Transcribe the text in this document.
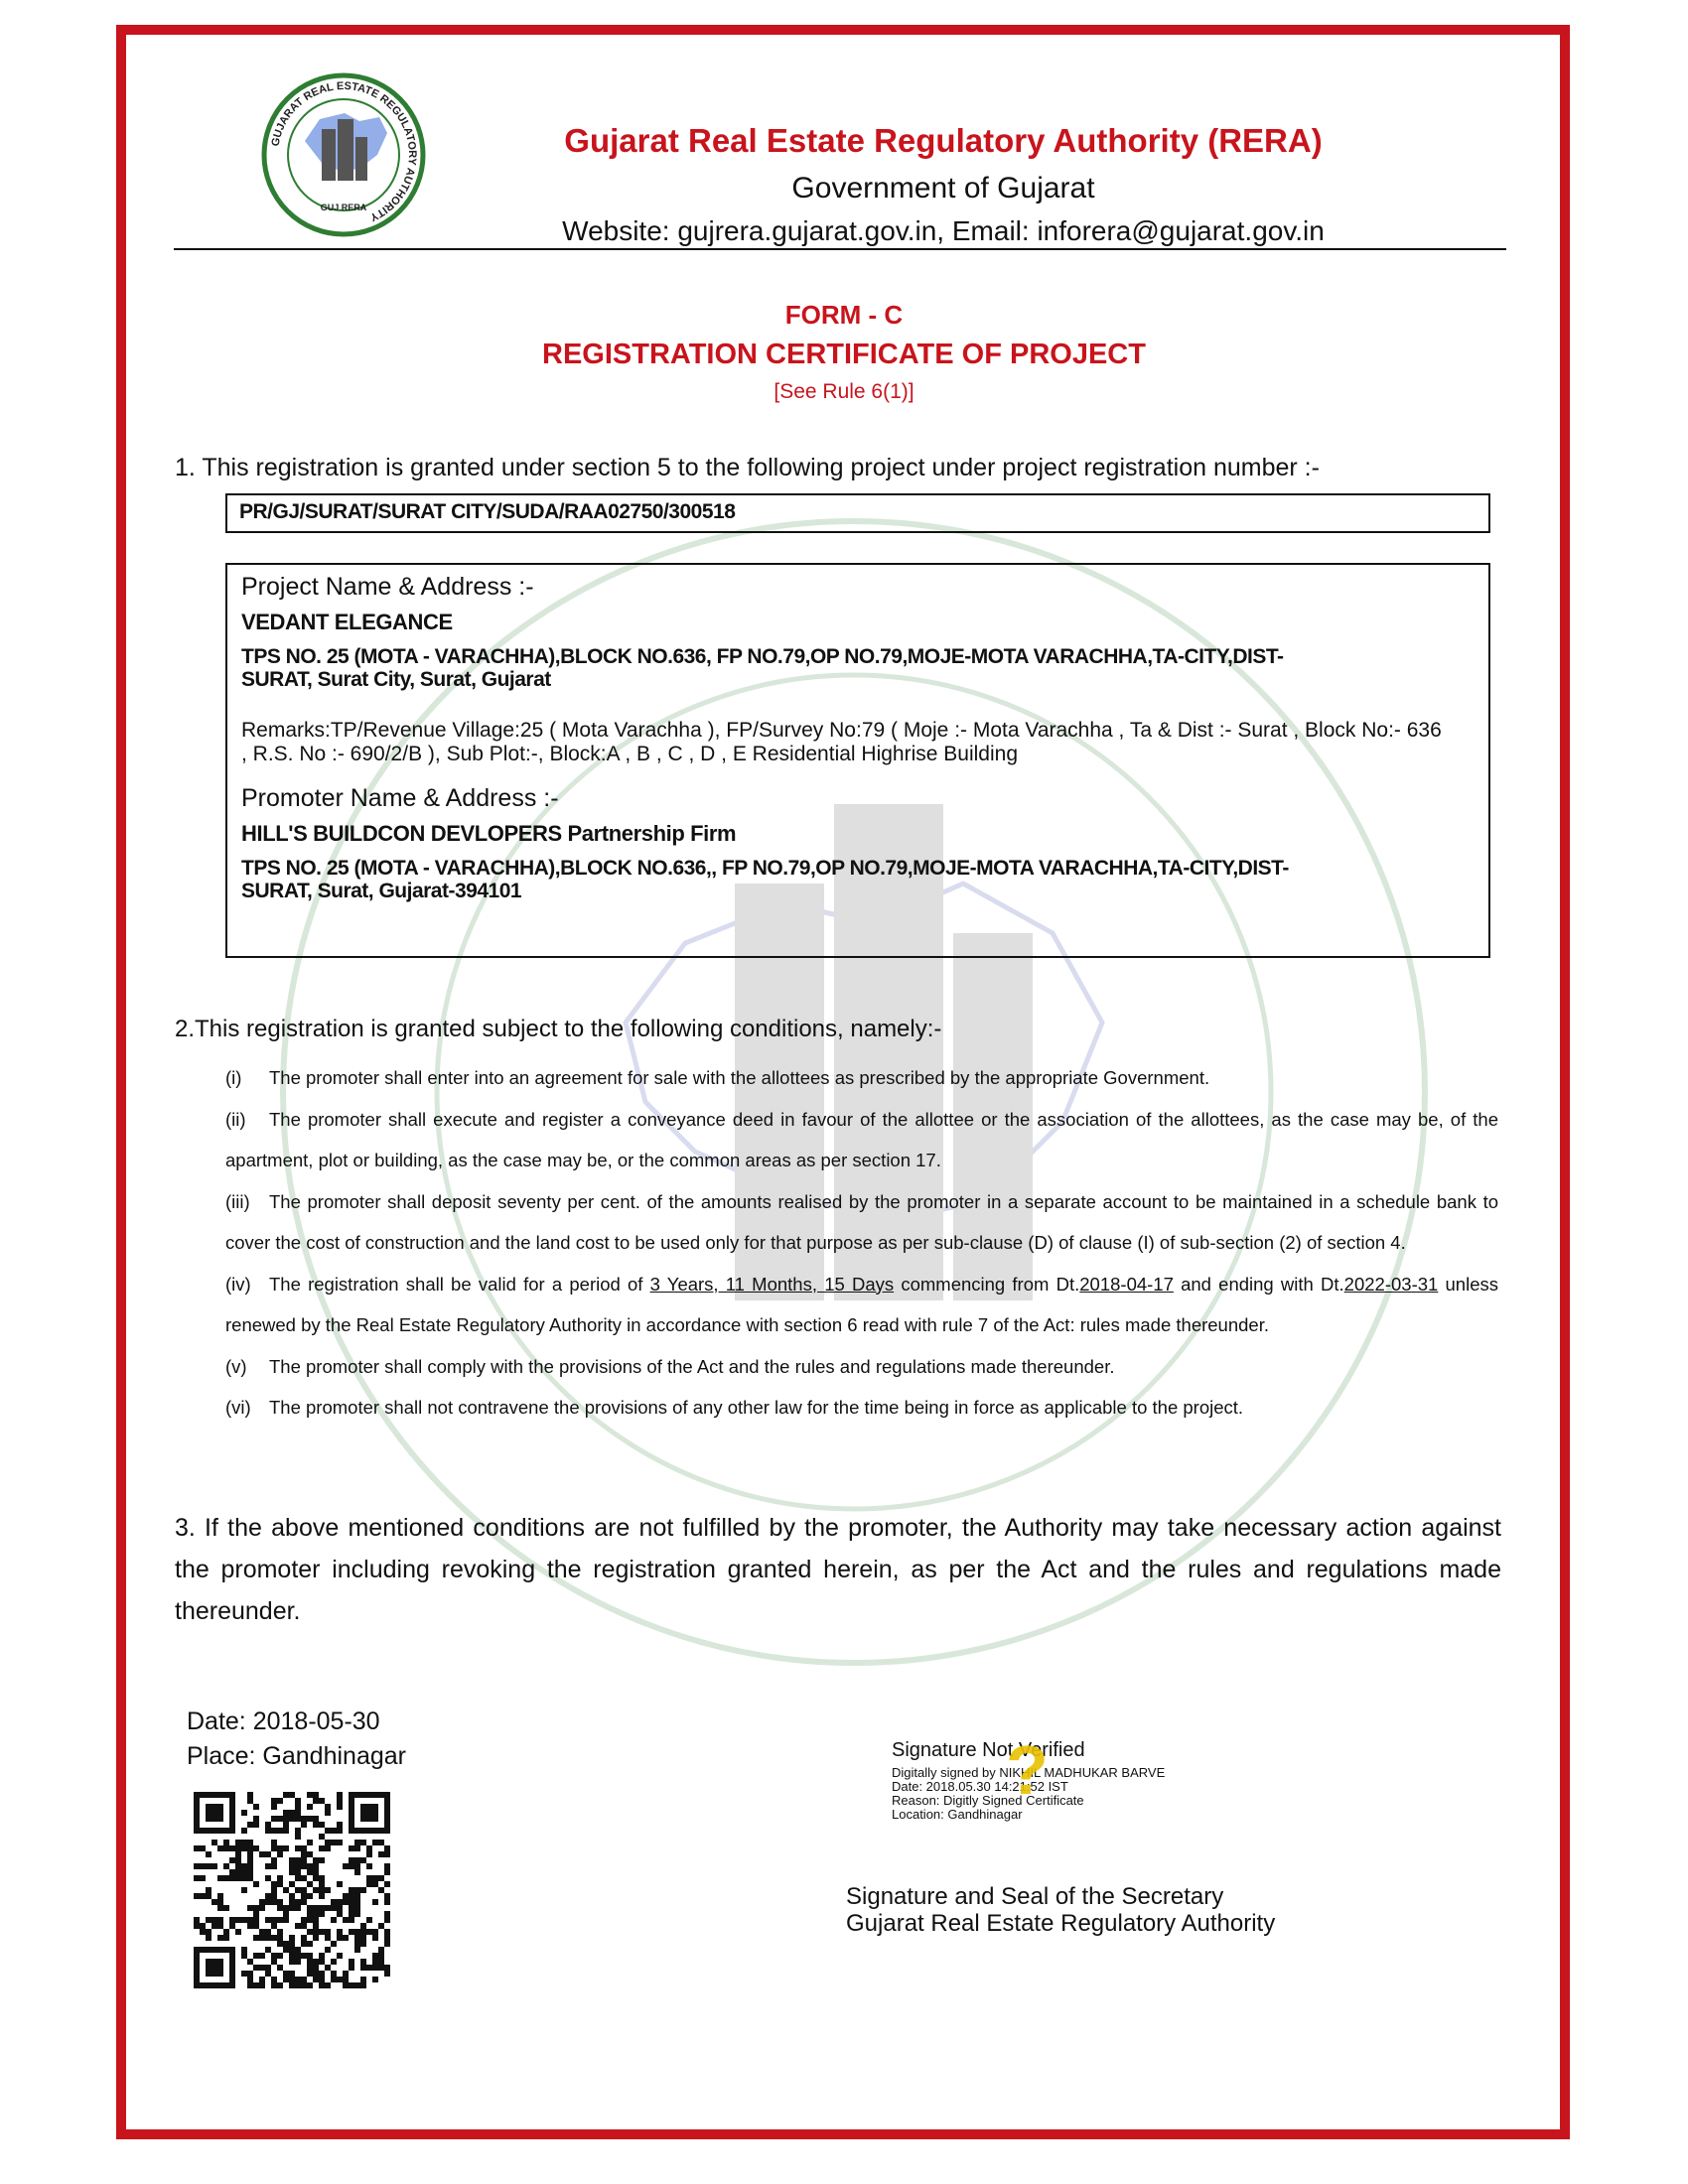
GUJARAT REAL ESTATE REGULATORY AUTHORITY
GUJ RERA
Gujarat Real Estate Regulatory Authority (RERA)
Government of Gujarat
Website: gujrera.gujarat.gov.in, Email: inforera@gujarat.gov.in
FORM - C
REGISTRATION CERTIFICATE OF PROJECT
[See Rule 6(1)]
1. This registration is granted under section 5 to the following project under project registration number :-
PR/GJ/SURAT/SURAT CITY/SUDA/RAA02750/300518
Project Name & Address :-
VEDANT ELEGANCE
TPS NO. 25 (MOTA - VARACHHA),BLOCK NO.636, FP NO.79,OP NO.79,MOJE-MOTA VARACHHA,TA-CITY,DIST-SURAT, Surat City, Surat, Gujarat
Remarks:TP/Revenue Village:25 ( Mota Varachha ), FP/Survey No:79 ( Moje :- Mota Varachha , Ta & Dist :- Surat , Block No:- 636 , R.S. No :- 690/2/B ), Sub Plot:-, Block:A , B , C , D , E Residential Highrise Building
Promoter Name & Address :-
HILL'S BUILDCON DEVLOPERS Partnership Firm
TPS NO. 25 (MOTA - VARACHHA),BLOCK NO.636,, FP NO.79,OP NO.79,MOJE-MOTA VARACHHA,TA-CITY,DIST-SURAT, Surat, Gujarat-394101
2.This registration is granted subject to the following conditions, namely:-
(i) The promoter shall enter into an agreement for sale with the allottees as prescribed by the appropriate Government.
(ii) The promoter shall execute and register a conveyance deed in favour of the allottee or the association of the allottees, as the case may be, of the apartment, plot or building, as the case may be, or the common areas as per section 17.
(iii) The promoter shall deposit seventy per cent. of the amounts realised by the promoter in a separate account to be maintained in a schedule bank to cover the cost of construction and the land cost to be used only for that purpose as per sub-clause (D) of clause (I) of sub-section (2) of section 4.
(iv) The registration shall be valid for a period of 3 Years, 11 Months, 15 Days commencing from Dt.2018-04-17 and ending with Dt.2022-03-31 unless renewed by the Real Estate Regulatory Authority in accordance with section 6 read with rule 7 of the Act: rules made thereunder.
(v) The promoter shall comply with the provisions of the Act and the rules and regulations made thereunder.
(vi) The promoter shall not contravene the provisions of any other law for the time being in force as applicable to the project.
3. If the above mentioned conditions are not fulfilled by the promoter, the Authority may take necessary action against the promoter including revoking the registration granted herein, as per the Act and the rules and regulations made thereunder.
Date: 2018-05-30
Place: Gandhinagar	?
Signature Not Verified
Digitally signed by NIKHIL MADHUKAR BARVE
Date: 2018.05.30 14:21:52 IST
Reason: Digitly Signed Certificate
Location: Gandhinagar
Signature and Seal of the Secretary
Gujarat Real Estate Regulatory Authority
